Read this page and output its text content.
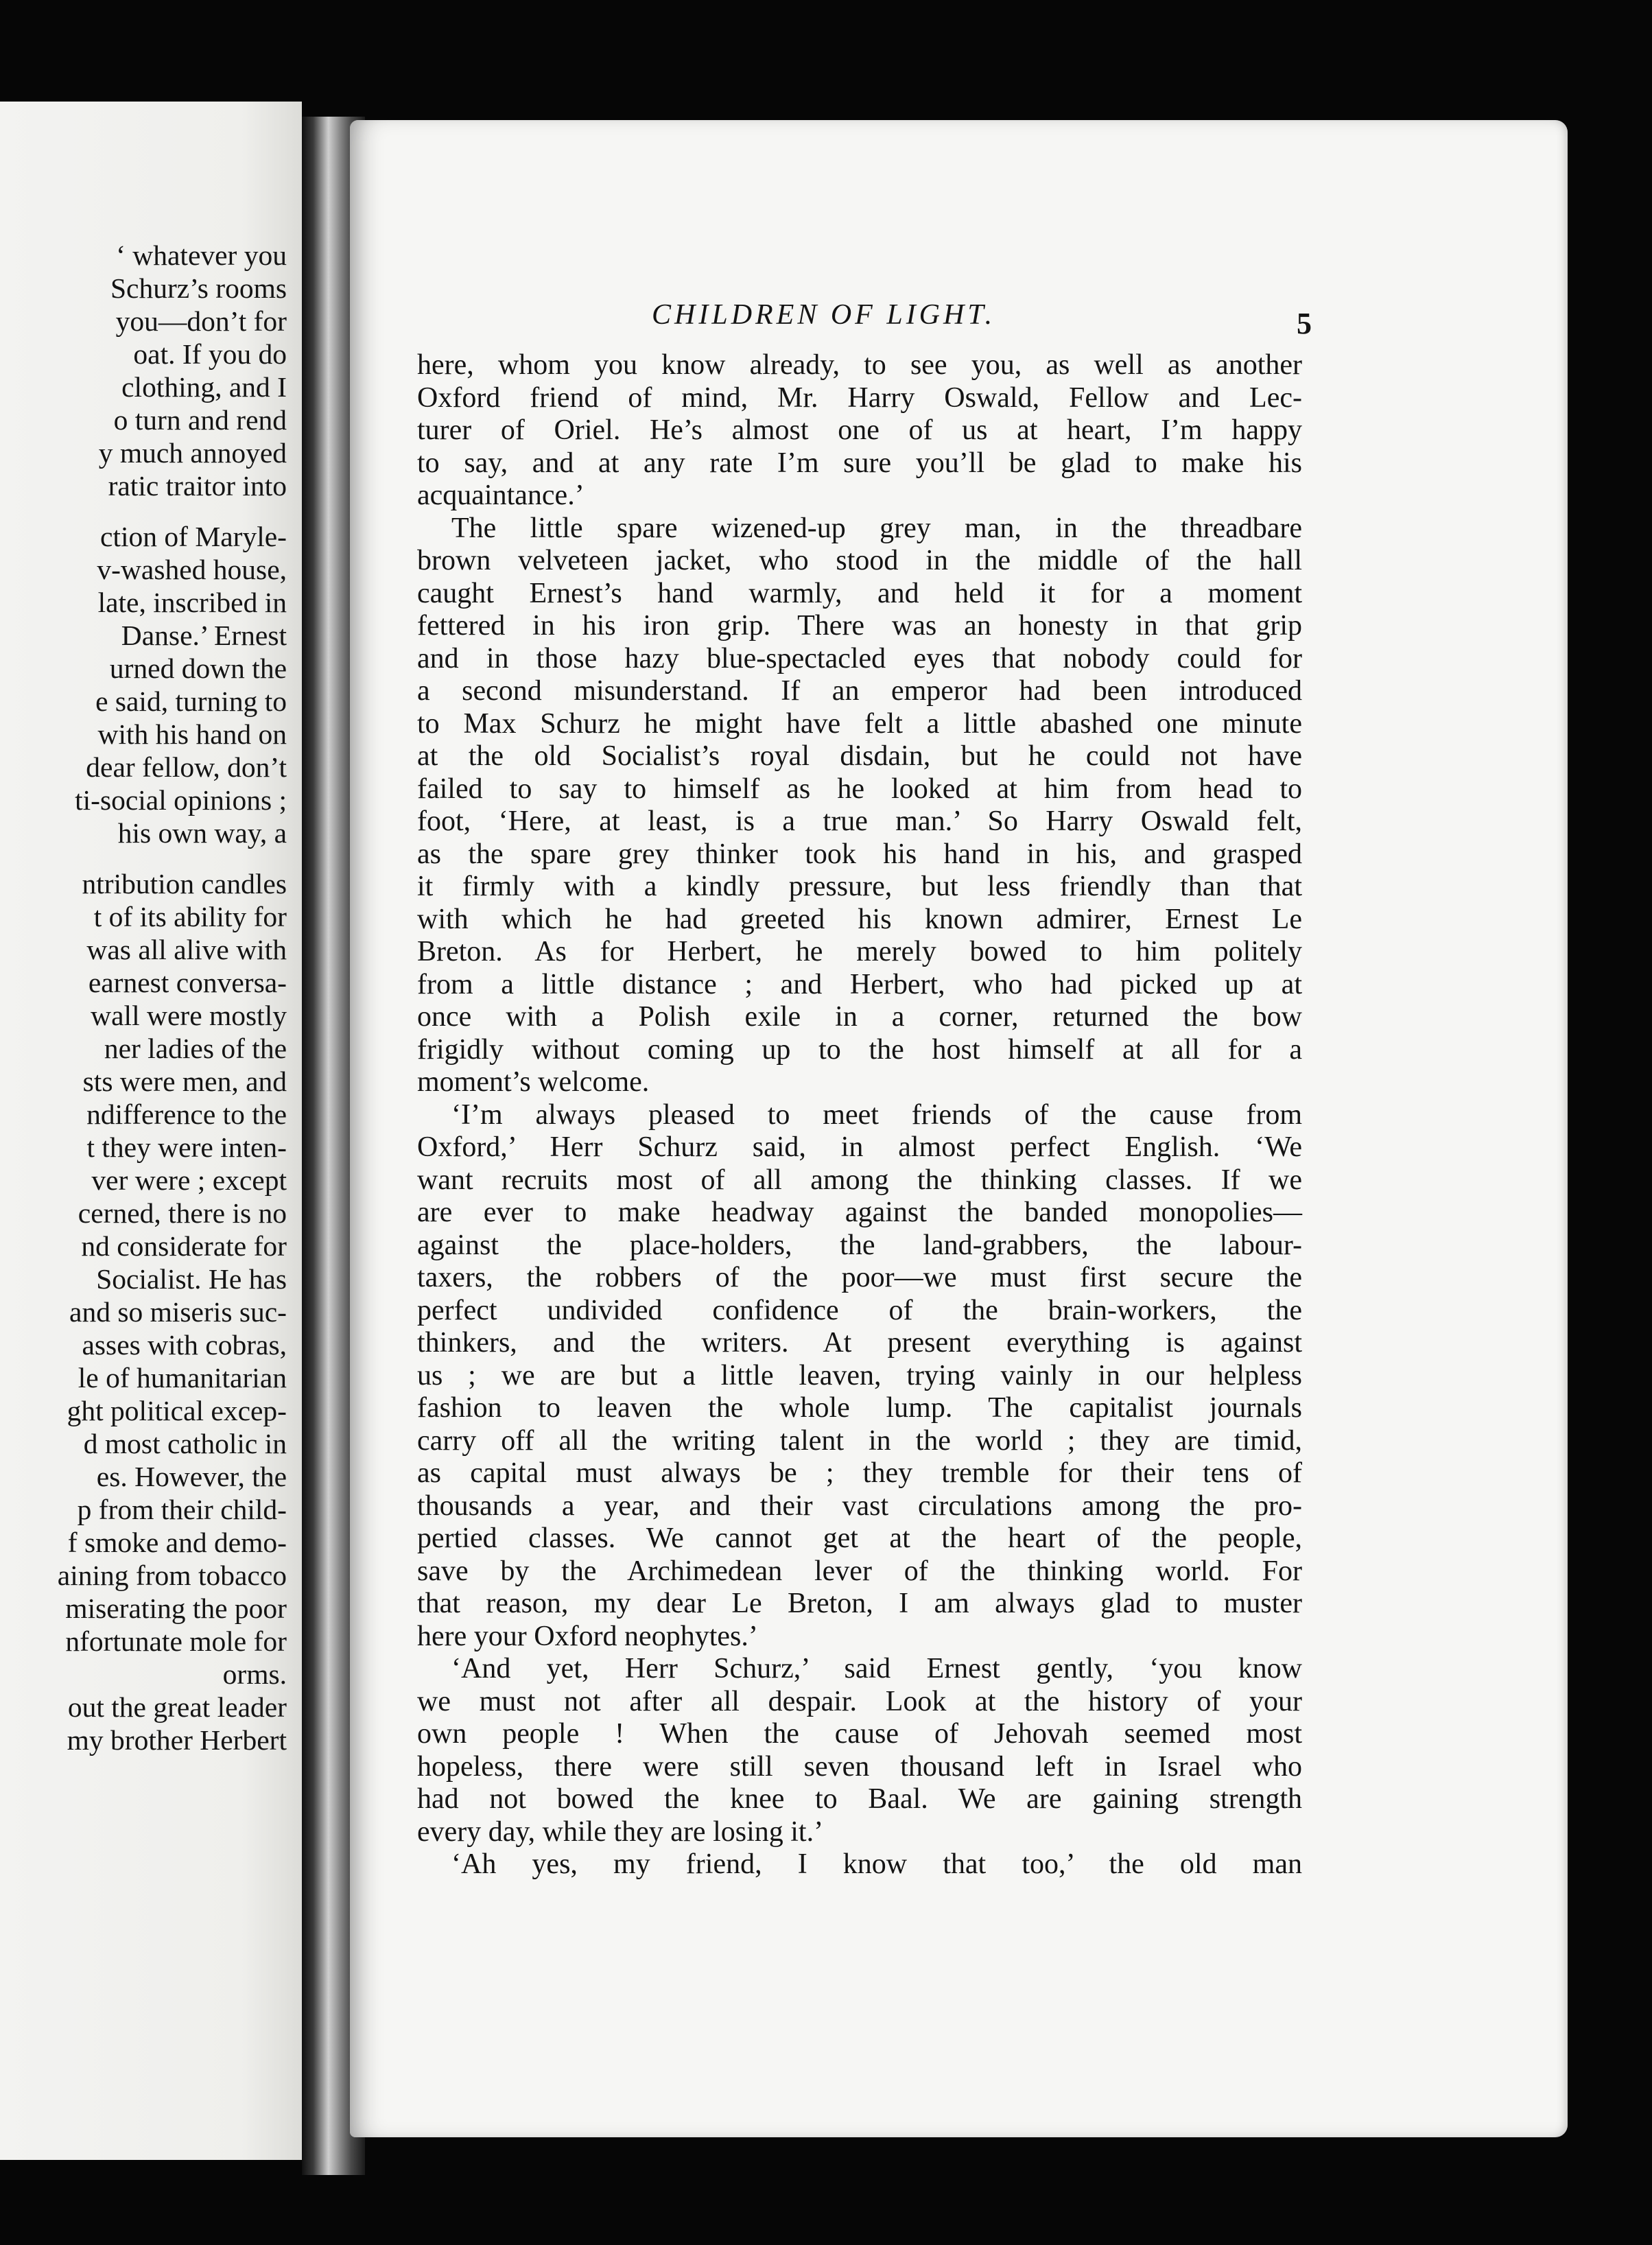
‘ whatever you
Schurz’s rooms
you—don’t for
oat. If you do
clothing, and I
o turn and rend
y much annoyed
ratic traitor into
ction of Maryle-
v-washed house,
late, inscribed in
Danse.’ Ernest
urned down the
e said, turning to
with his hand on
dear fellow, don’t
ti-social opinions ;
his own way, a
ntribution candles
t of its ability for
was all alive with
earnest conversa-
wall were mostly
ner ladies of the
sts were men, and
ndifference to the
t they were inten-
ver were ; except
cerned, there is no
nd considerate for
Socialist. He has
and so miseris suc-
asses with cobras,
le of humanitarian
ght political excep-
d most catholic in
es. However, the
p from their child-
f smoke and demo-
aining from tobacco
miserating the poor
nfortunate mole for
orms.
out the great leader
my brother Herbert
CHILDREN OF LIGHT.	5
here, whom you know already, to see you, as well as another
Oxford friend of mind, Mr. Harry Oswald, Fellow and Lec-
turer of Oriel. He’s almost one of us at heart, I’m happy
to say, and at any rate I’m sure you’ll be glad to make his
acquaintance.’
The little spare wizened-up grey man, in the threadbare
brown velveteen jacket, who stood in the middle of the hall
caught Ernest’s hand warmly, and held it for a moment
fettered in his iron grip. There was an honesty in that grip
and in those hazy blue-spectacled eyes that nobody could for
a second misunderstand. If an emperor had been introduced
to Max Schurz he might have felt a little abashed one minute
at the old Socialist’s royal disdain, but he could not have
failed to say to himself as he looked at him from head to
foot, ‘Here, at least, is a true man.’ So Harry Oswald felt,
as the spare grey thinker took his hand in his, and grasped
it firmly with a kindly pressure, but less friendly than that
with which he had greeted his known admirer, Ernest Le
Breton. As for Herbert, he merely bowed to him politely
from a little distance ; and Herbert, who had picked up at
once with a Polish exile in a corner, returned the bow
frigidly without coming up to the host himself at all for a
moment’s welcome.
‘I’m always pleased to meet friends of the cause from
Oxford,’ Herr Schurz said, in almost perfect English. ‘We
want recruits most of all among the thinking classes. If we
are ever to make headway against the banded monopolies—
against the place-holders, the land-grabbers, the labour-
taxers, the robbers of the poor—we must first secure the
perfect undivided confidence of the brain-workers, the
thinkers, and the writers. At present everything is against
us ; we are but a little leaven, trying vainly in our helpless
fashion to leaven the whole lump. The capitalist journals
carry off all the writing talent in the world ; they are timid,
as capital must always be ; they tremble for their tens of
thousands a year, and their vast circulations among the pro-
pertied classes. We cannot get at the heart of the people,
save by the Archimedean lever of the thinking world. For
that reason, my dear Le Breton, I am always glad to muster
here your Oxford neophytes.’
‘And yet, Herr Schurz,’ said Ernest gently, ‘you know
we must not after all despair. Look at the history of your
own people ! When the cause of Jehovah seemed most
hopeless, there were still seven thousand left in Israel who
had not bowed the knee to Baal. We are gaining strength
every day, while they are losing it.’
‘Ah yes, my friend, I know that too,’ the old man
